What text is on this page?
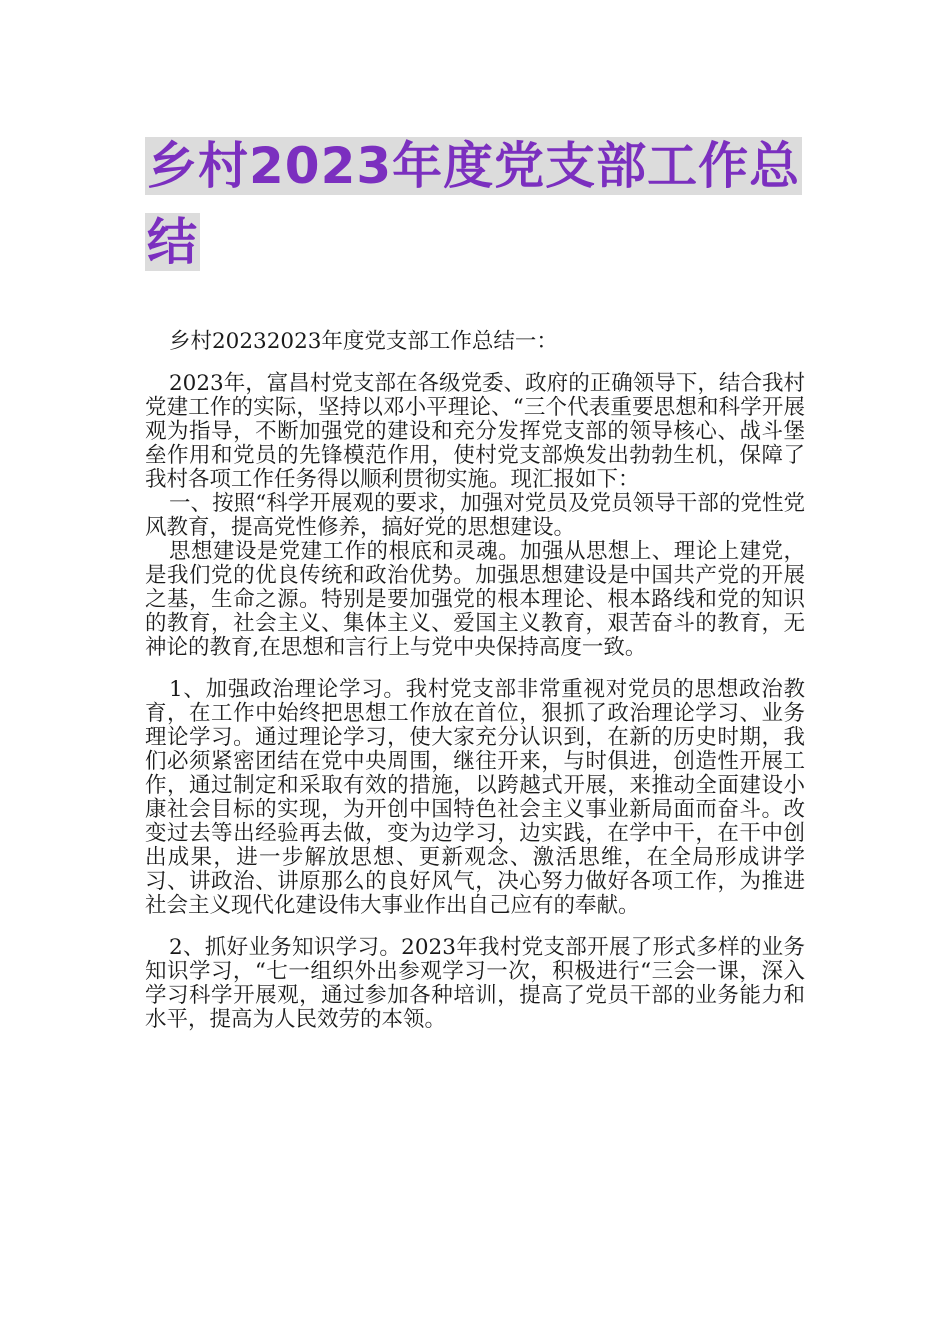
乡村2023年度党支部工作总结

乡村20232023年度党支部工作总结一：

2023年，富昌村党支部在各级党委、政府的正确领导下，结合我村党建工作的实际，坚持以邓小平理论、“三个代表重要思想和科学开展观为指导，不断加强党的建设和充分发挥党支部的领导核心、战斗堡垒作用和党员的先锋模范作用，使村党支部焕发出勃勃生机，保障了我村各项工作任务得以顺利贯彻实施。现汇报如下：

一、按照“科学开展观的要求，加强对党员及党员领导干部的党性党风教育，提高党性修养，搞好党的思想建设。

思想建设是党建工作的根底和灵魂。加强从思想上、理论上建党，是我们党的优良传统和政治优势。加强思想建设是中国共产党的开展之基，生命之源。特别是要加强党的根本理论、根本路线和党的知识的教育，社会主义、集体主义、爱国主义教育，艰苦奋斗的教育，无神论的教育,在思想和言行上与党中央保持高度一致。

1、加强政治理论学习。我村党支部非常重视对党员的思想政治教育，在工作中始终把思想工作放在首位，狠抓了政治理论学习、业务理论学习。通过理论学习，使大家充分认识到，在新的历史时期，我们必须紧密团结在党中央周围，继往开来，与时俱进，创造性开展工作，通过制定和采取有效的措施，以跨越式开展，来推动全面建设小康社会目标的实现，为开创中国特色社会主义事业新局面而奋斗。改变过去等出经验再去做，变为边学习，边实践，在学中干，在干中创出成果，进一步解放思想、更新观念、激活思维，在全局形成讲学习、讲政治、讲原那么的良好风气，决心努力做好各项工作，为推进社会主义现代化建设伟大事业作出自己应有的奉献。

2、抓好业务知识学习。2023年我村党支部开展了形式多样的业务知识学习，“七一组织外出参观学习一次，积极进行“三会一课，深入学习科学开展观，通过参加各种培训，提高了党员干部的业务能力和水平，提高为人民效劳的本领。
